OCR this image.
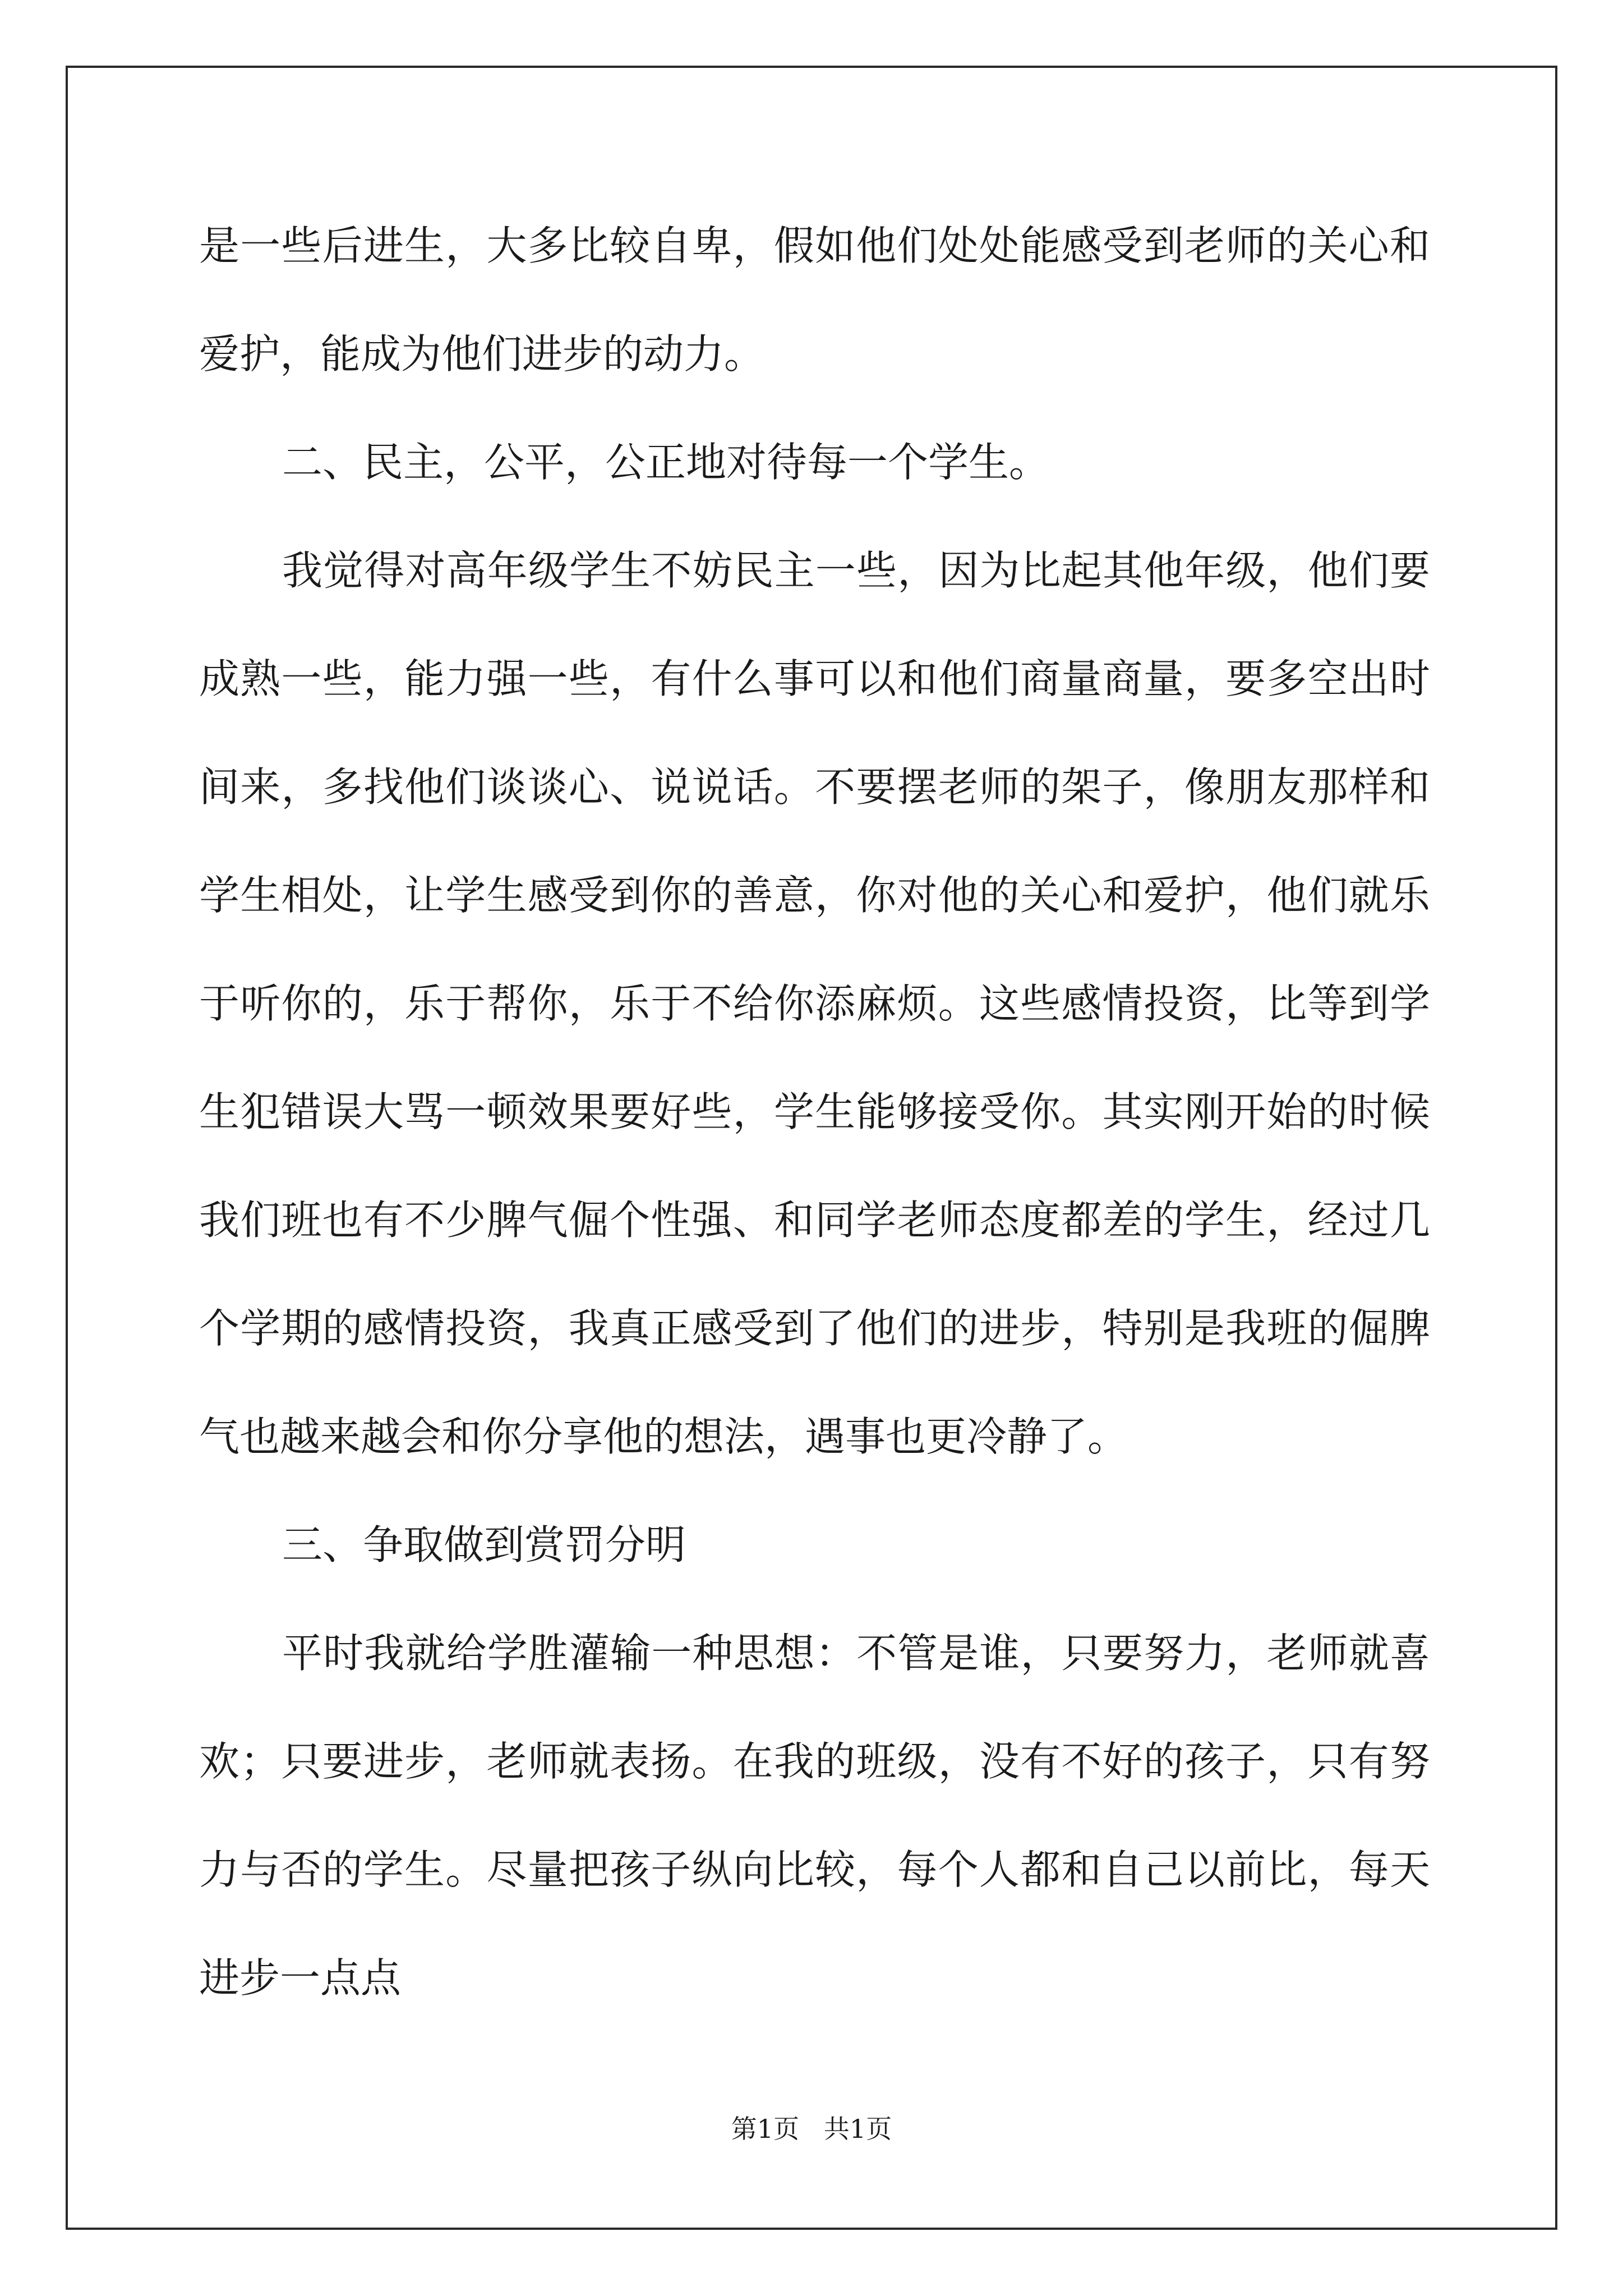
是一些后进生，大多比较自卑，假如他们处处能感受到老师的关心和
爱护，能成为他们进步的动力。
二、民主，公平，公正地对待每一个学生。
我觉得对高年级学生不妨民主一些，因为比起其他年级，他们要
成熟一些，能力强一些，有什么事可以和他们商量商量，要多空出时
间来，多找他们谈谈心、说说话。不要摆老师的架子，像朋友那样和
学生相处，让学生感受到你的善意，你对他的关心和爱护，他们就乐
于听你的，乐于帮你，乐于不给你添麻烦。这些感情投资，比等到学
生犯错误大骂一顿效果要好些，学生能够接受你。其实刚开始的时候
我们班也有不少脾气倔个性强、和同学老师态度都差的学生，经过几
个学期的感情投资，我真正感受到了他们的进步，特别是我班的倔脾
气也越来越会和你分享他的想法，遇事也更冷静了。
三、争取做到赏罚分明
平时我就给学胜灌输一种思想：不管是谁，只要努力，老师就喜
欢；只要进步，老师就表扬。在我的班级，没有不好的孩子，只有努
力与否的学生。尽量把孩子纵向比较，每个人都和自己以前比，每天
进步一点点
第1页   共1页
